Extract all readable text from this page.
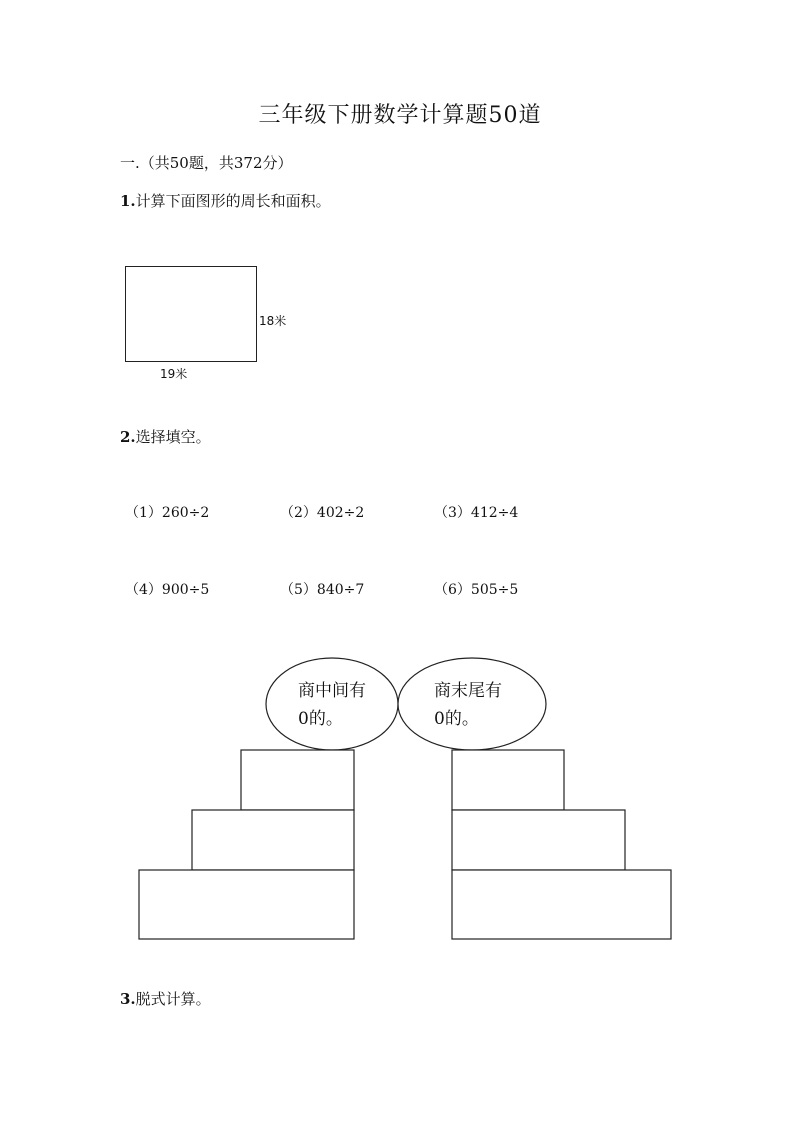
三年级下册数学计算题50道
一.（共50题，共372分）
1.计算下面图形的周长和面积。
18米
19米
2.选择填空。
（1）260÷2	（2）402÷2	（3）412÷4
（4）900÷5	（5）840÷7	（6）505÷5
商中间有
0的。
商末尾有
0的。
3.脱式计算。
